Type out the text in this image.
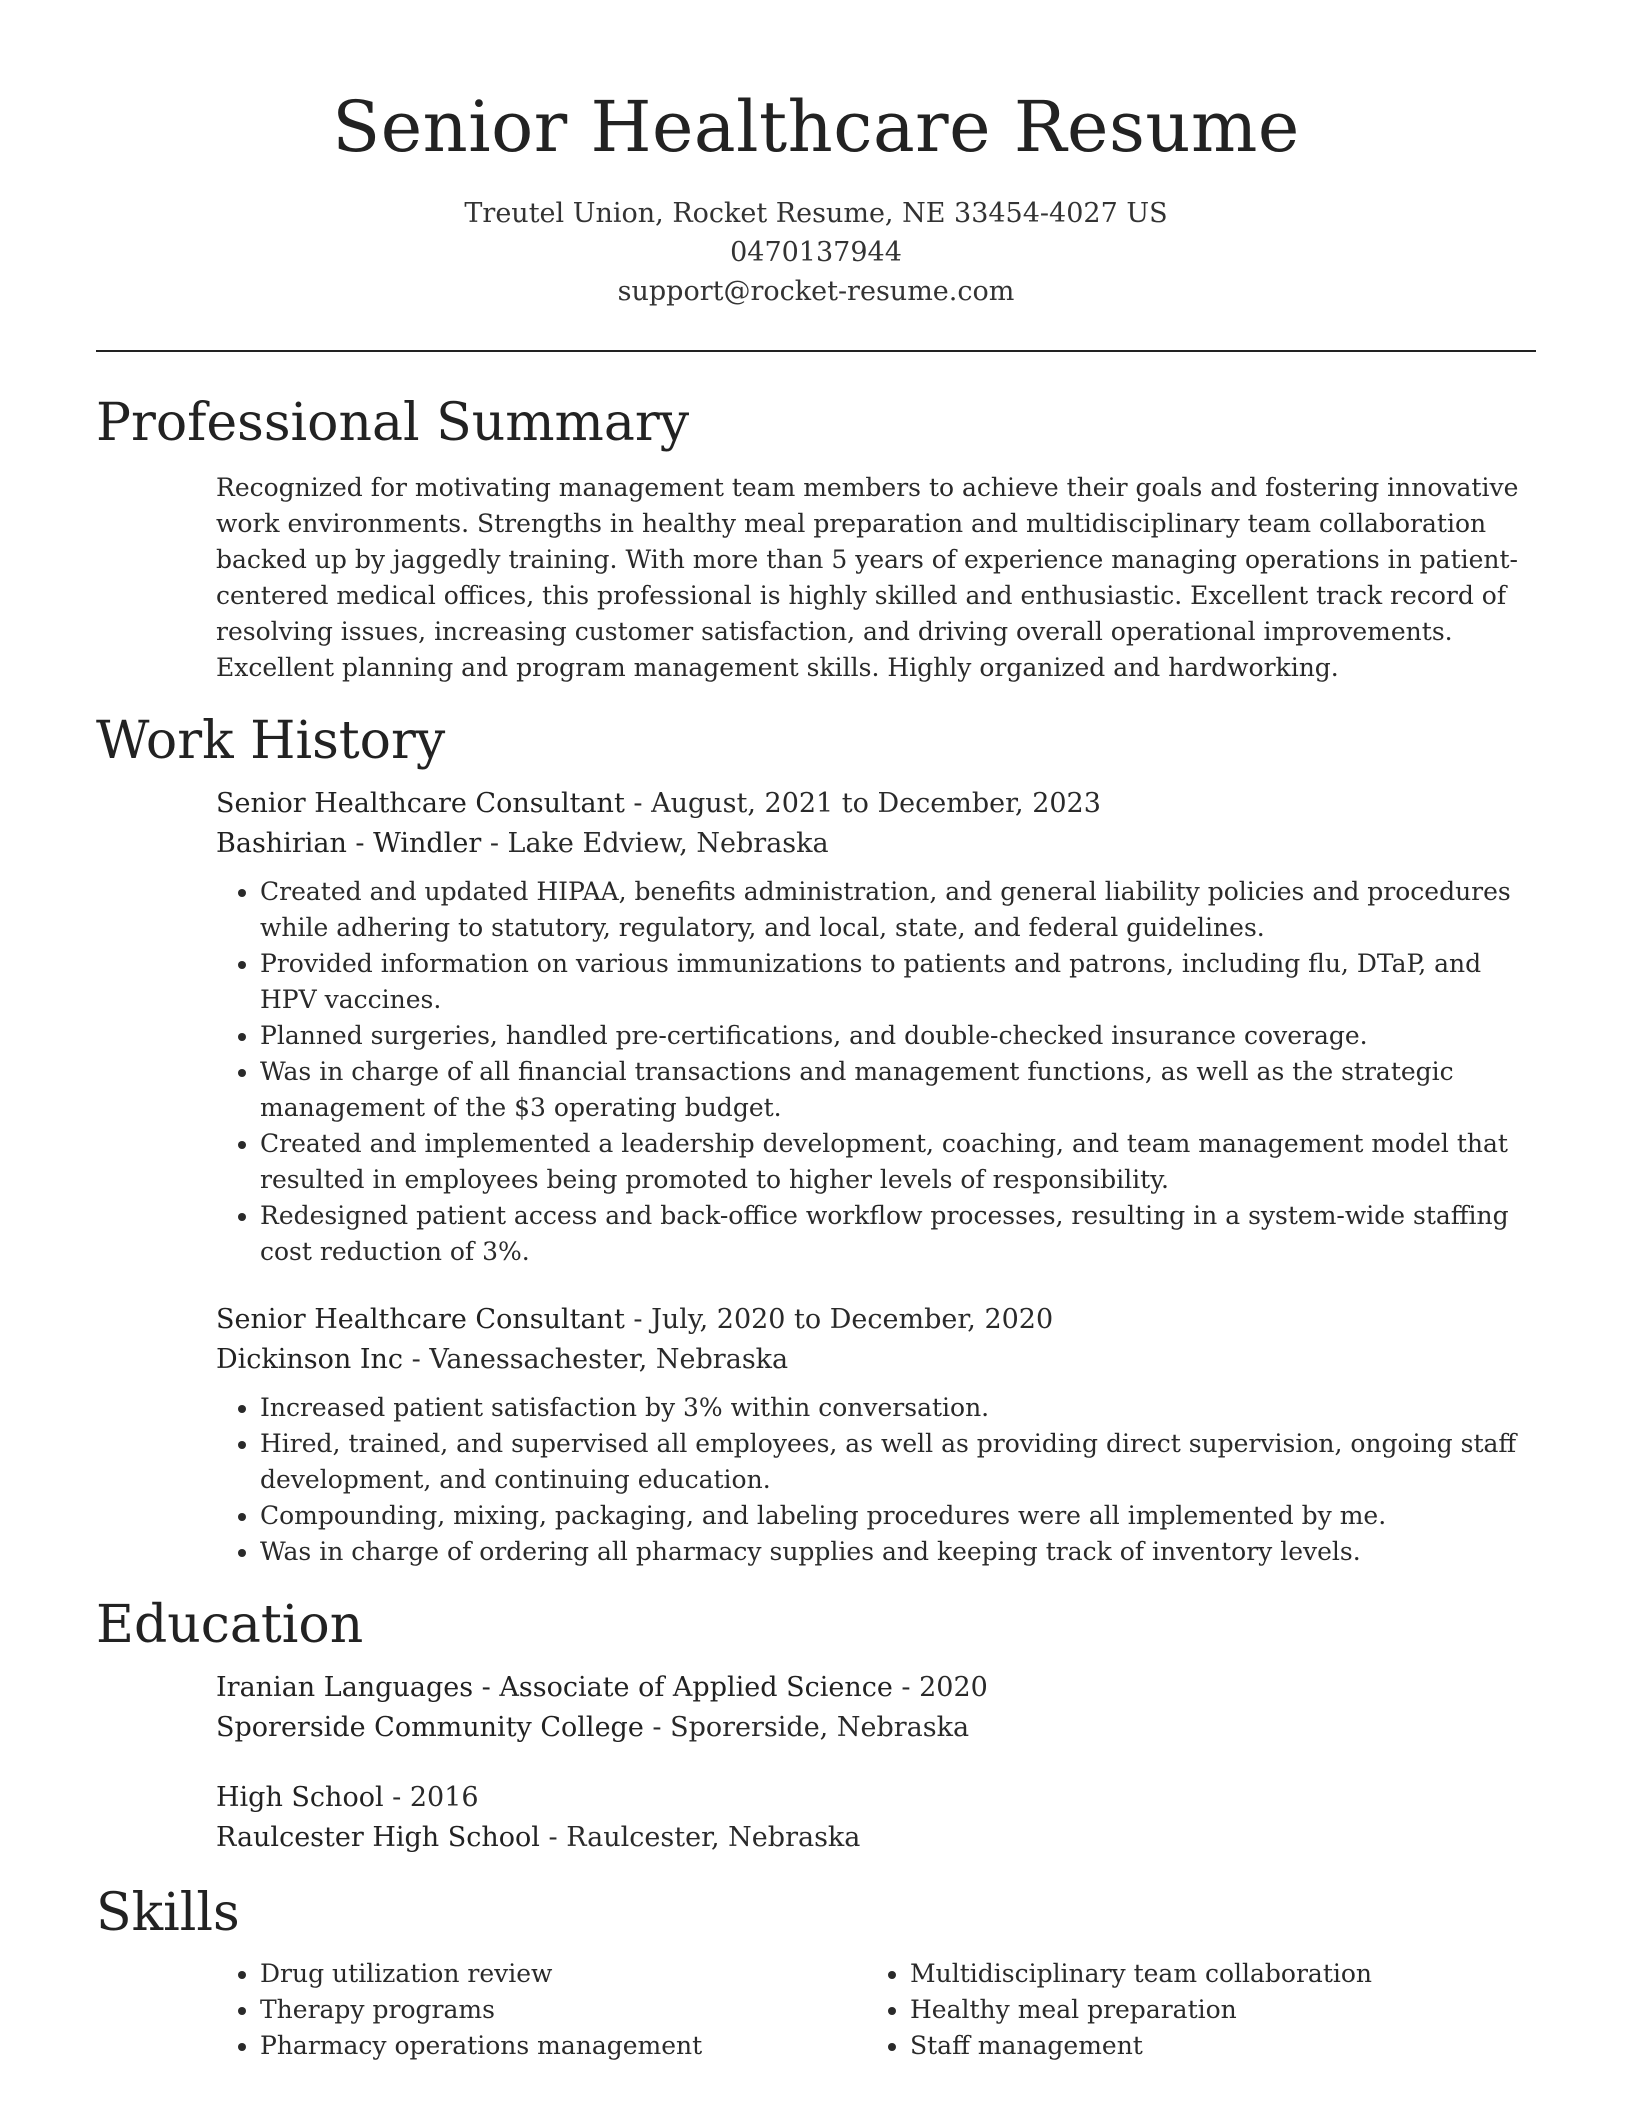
Senior Healthcare Resume

Treutel Union, Rocket Resume, NE 33454-4027 US

0470137944

support@rocket-resume.com

Professional Summary

Recognized for motivating management team members to achieve their goals and fostering innovative work environments. Strengths in healthy meal preparation and multidisciplinary team collaboration backed up by jaggedly training. With more than 5 years of experience managing operations in patient-centered medical offices, this professional is highly skilled and enthusiastic. Excellent track record of resolving issues, increasing customer satisfaction, and driving overall operational improvements. Excellent planning and program management skills. Highly organized and hardworking.

Work History

Senior Healthcare Consultant - August, 2021 to December, 2023

Bashirian - Windler - Lake Edview, Nebraska

• Created and updated HIPAA, benefits administration, and general liability policies and procedures while adhering to statutory, regulatory, and local, state, and federal guidelines.
• Provided information on various immunizations to patients and patrons, including flu, DTaP, and HPV vaccines.
• Planned surgeries, handled pre-certifications, and double-checked insurance coverage.
• Was in charge of all financial transactions and management functions, as well as the strategic management of the $3 operating budget.
• Created and implemented a leadership development, coaching, and team management model that resulted in employees being promoted to higher levels of responsibility.
• Redesigned patient access and back-office workflow processes, resulting in a system-wide staffing cost reduction of 3%.

Senior Healthcare Consultant - July, 2020 to December, 2020

Dickinson Inc - Vanessachester, Nebraska

• Increased patient satisfaction by 3% within conversation.
• Hired, trained, and supervised all employees, as well as providing direct supervision, ongoing staff development, and continuing education.
• Compounding, mixing, packaging, and labeling procedures were all implemented by me.
• Was in charge of ordering all pharmacy supplies and keeping track of inventory levels.
Education

Iranian Languages - Associate of Applied Science - 2020

Sporerside Community College - Sporerside, Nebraska

High School - 2016

Raulcester High School - Raulcester, Nebraska

Skills
• Drug utilization review
• Therapy programs
• Pharmacy operations management
• Multidisciplinary team collaboration
• Healthy meal preparation
• Staff management
